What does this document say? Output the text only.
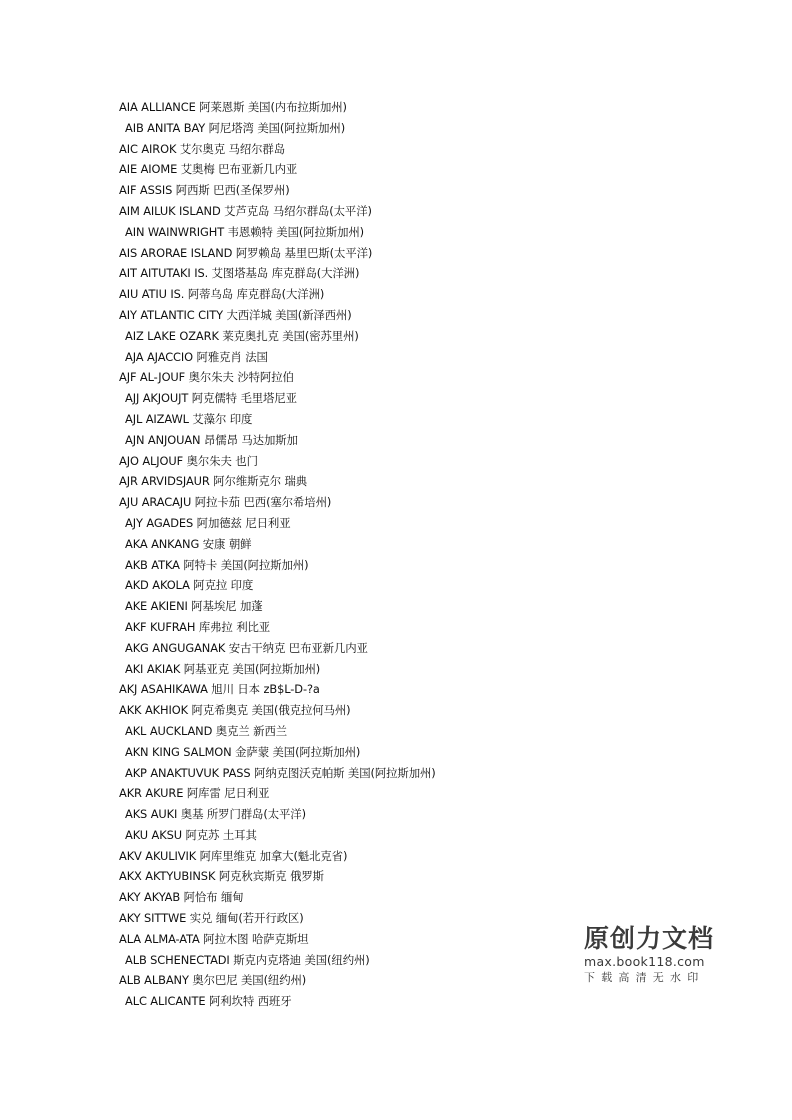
AIA ALLIANCE 阿莱恩斯 美国(内布拉斯加州)
AIB ANITA BAY 阿尼塔湾 美国(阿拉斯加州)
AIC AIROK 艾尔奥克 马绍尔群岛
AIE AIOME 艾奥梅 巴布亚新几内亚
AIF ASSIS 阿西斯 巴西(圣保罗州)
AIM AILUK ISLAND 艾芦克岛 马绍尔群岛(太平洋)
AIN WAINWRIGHT 韦恩赖特 美国(阿拉斯加州)
AIS ARORAE ISLAND 阿罗赖岛 基里巴斯(太平洋)
AIT AITUTAKI IS. 艾图塔基岛 库克群岛(大洋洲)
AIU ATIU IS. 阿蒂乌岛 库克群岛(大洋洲)
AIY ATLANTIC CITY 大西洋城 美国(新泽西州)
AIZ LAKE OZARK 莱克奥扎克 美国(密苏里州)
AJA AJACCIO 阿雅克肖 法国
AJF AL-JOUF 奥尔朱夫 沙特阿拉伯
AJJ AKJOUJT 阿克儒特 毛里塔尼亚
AJL AIZAWL 艾藻尔 印度
AJN ANJOUAN 昂儒昂 马达加斯加
AJO ALJOUF 奥尔朱夫 也门
AJR ARVIDSJAUR 阿尔维斯克尔 瑞典
AJU ARACAJU 阿拉卡茄 巴西(塞尔希培州)
AJY AGADES 阿加德兹 尼日利亚
AKA ANKANG 安康 朝鲜
AKB ATKA 阿特卡 美国(阿拉斯加州)
AKD AKOLA 阿克拉 印度
AKE AKIENI 阿基埃尼 加蓬
AKF KUFRAH 库弗拉 利比亚
AKG ANGUGANAK 安古干纳克 巴布亚新几内亚
AKI AKIAK 阿基亚克 美国(阿拉斯加州)
AKJ ASAHIKAWA 旭川 日本 zB$L-D-?a
AKK AKHIOK 阿克希奥克 美国(俄克拉何马州)
AKL AUCKLAND 奥克兰 新西兰
AKN KING SALMON 金萨蒙 美国(阿拉斯加州)
AKP ANAKTUVUK PASS 阿纳克图沃克帕斯 美国(阿拉斯加州)
AKR AKURE 阿库雷 尼日利亚
AKS AUKI 奥基 所罗门群岛(太平洋)
AKU AKSU 阿克苏 土耳其
AKV AKULIVIK 阿库里维克 加拿大(魁北克省)
AKX AKTYUBINSK 阿克秋宾斯克 俄罗斯
AKY AKYAB 阿恰布 缅甸
AKY SITTWE 实兑 缅甸(若开行政区)
ALA ALMA-ATA 阿拉木图 哈萨克斯坦
ALB SCHENECTADI 斯克内克塔迪 美国(纽约州)
ALB ALBANY 奥尔巴尼 美国(纽约州)
ALC ALICANTE 阿利坎特 西班牙
原创力文档
max.book118.com
下载高清无水印
